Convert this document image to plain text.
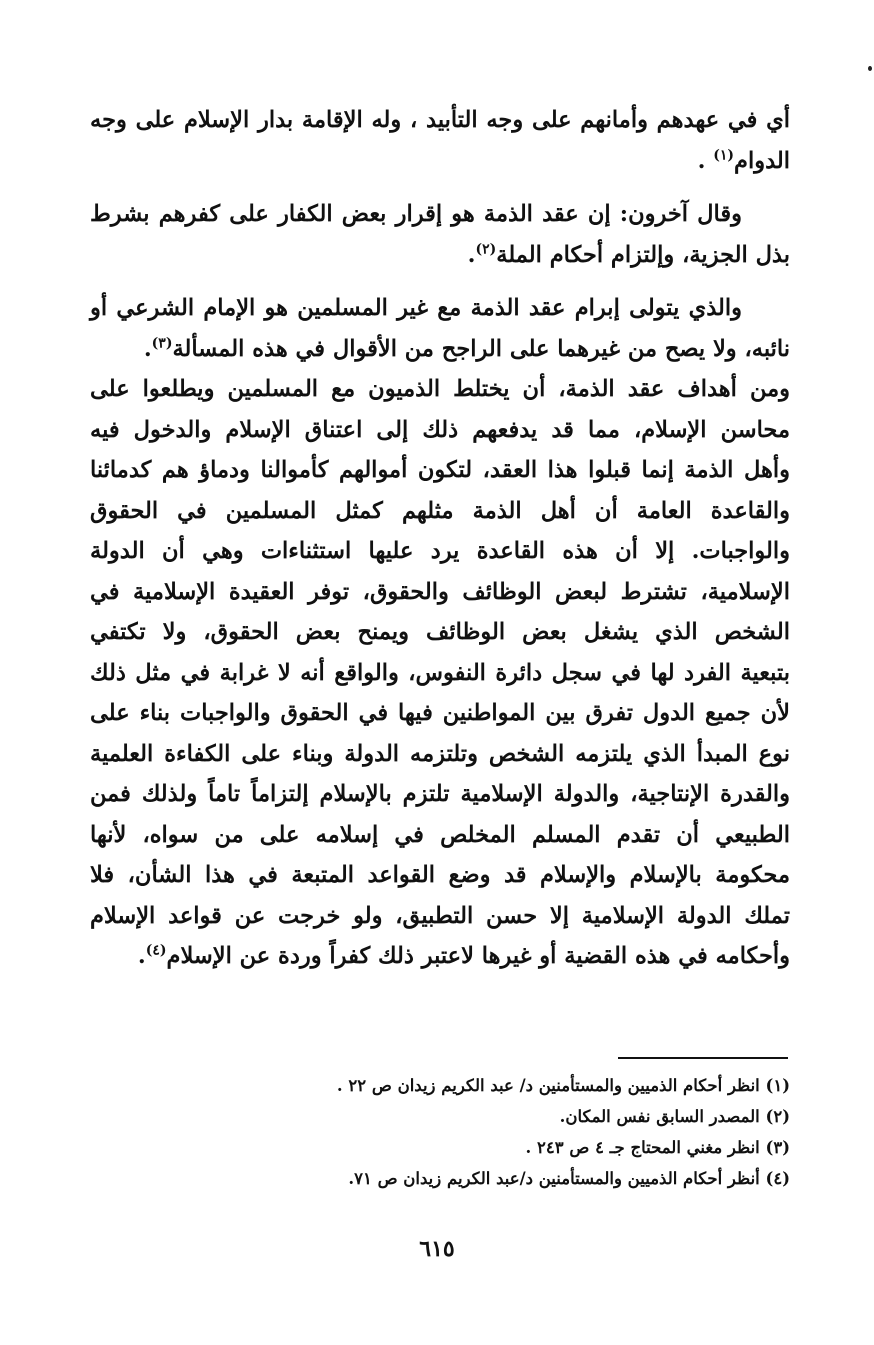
أي في عهدهم وأمانهم على وجه التأبيد ، وله الإقامة بدار الإسلام على وجه
الدوام$^{(١)}$ .

وقال آخرون: إن عقد الذمة هو إقرار بعض الكفار على كفرهم بشرط
بذل الجزية، وإلتزام أحكام الملة$^{(٢)}$.

والذي يتولى إبرام عقد الذمة مع غير المسلمين هو الإمام الشرعي أو
نائبه، ولا يصح من غيرهما على الراجح من الأقوال في هذه المسألة$^{(٣)}$.

ومن أهداف عقد الذمة، أن يختلط الذميون مع المسلمين ويطلعوا على
محاسن الإسلام، مما قد يدفعهم ذلك إلى اعتناق الإسلام والدخول فيه
وأهل الذمة إنما قبلوا هذا العقد، لتكون أموالهم كأموالنا ودماؤ هم كدمائنا
والقاعدة العامة أن أهل الذمة مثلهم كمثل المسلمين في الحقوق
والواجبات. إلا أن هذه القاعدة يرد عليها استثناءات وهي أن الدولة
الإسلامية، تشترط لبعض الوظائف والحقوق، توفر العقيدة الإسلامية في
الشخص الذي يشغل بعض الوظائف ويمنح بعض الحقوق، ولا تكتفي
بتبعية الفرد لها في سجل دائرة النفوس، والواقع أنه لا غرابة في مثل ذلك
لأن جميع الدول تفرق بين المواطنين فيها في الحقوق والواجبات بناء على
نوع المبدأ الذي يلتزمه الشخص وتلتزمه الدولة وبناء على الكفاءة العلمية
والقدرة الإنتاجية، والدولة الإسلامية تلتزم بالإسلام إلتزاماً تاماً ولذلك فمن
الطبيعي أن تقدم المسلم المخلص في إسلامه على من سواه، لأنها
محكومة بالإسلام والإسلام قد وضع القواعد المتبعة في هذا الشأن، فلا
تملك الدولة الإسلامية إلا حسن التطبيق، ولو خرجت عن قواعد الإسلام
وأحكامه في هذه القضية أو غيرها لاعتبر ذلك كفراً وردة عن الإسلام$^{(٤)}$.

(١) انظر أحكام الذميين والمستأمنين د/ عبد الكريم زيدان ص ٢٢ .
(٢) المصدر السابق نفس المكان.
(٣) انظر مغني المحتاج جـ ٤ ص ٢٤٣ .
(٤) أنظر أحكام الذميين والمستأمنين د/عبد الكريم زيدان ص ٧١.
٦١٥
